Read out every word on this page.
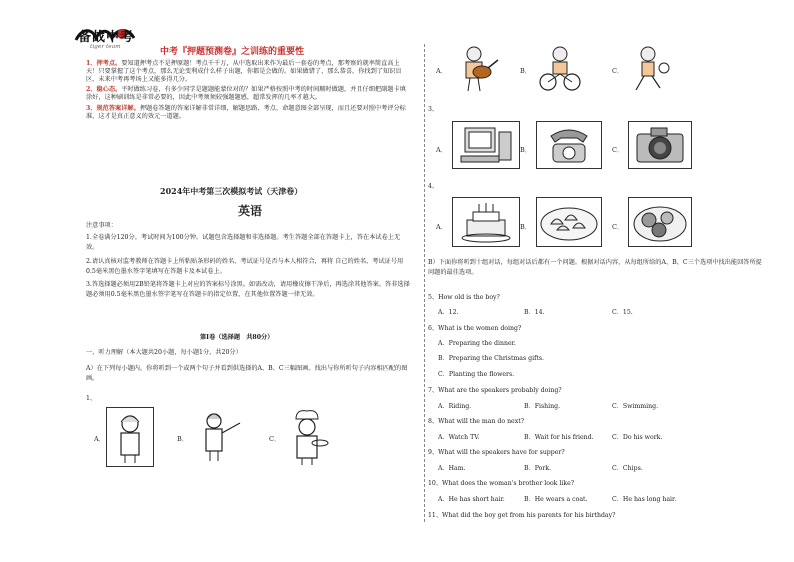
备战中考
tiger team	中考『押题预测卷』之训练的重要性

1、押考点。要知道押考点不是押原题！考点千千万，从中选取出来作为最后一套卷的考点，那考察的就率简直高上天！只要掌握了这个考点，那么无论变利成什么样子出题，你都是会做的。如果做错了，那么恭喜，你找到了知识盲区，未来中考再考场上又能多得几分。

2、稳心态。平时做练习卷，有多少同学是题题能蒙位对的？如果严格按照中考的时间顺时做题，并且仔细把副题卡填涂好，这种刷训练是非常必要的，因此中考须须较强题题感，超常发挥的几率才越大。

3、规范答案详解。押题卷答题的答案详解非常详细，解题思路、考点、命题意图全部呈现，而且还要对照中考评分标准，这才是真正意义的效元一道题。

2024年中考第三次模拟考试（天津卷）
英语
注意事项：

1.全卷满分120分。考试时间为100分钟。试题包含选择题和非选择题。考生答题全部在答题卡上，答在本试卷上无效。

2.请认真核对监考教师在答题卡上所粘贴条形码的姓名、考试证号是否与本人相符合，再将 自己的姓名、考试证号用0.5毫米黑色墨水签字笔填写在答题卡及本试卷上。

3.答选择题必须用2B铅笔将答题卡上对应的答案标号涂黑。如需改动，请用橡皮擦干净后，再选涂其他答案。答非选择题必须用0.5毫米黑色墨水签字笔写在答题卡的指定位置，在其他位置答题一律无效。

第I卷（选择题　共80分）
一、听力理解（本大题共20小题，每小题1分，共20分）
A）在下列每小题内，你将听到一个或两个句子并看到供选择的A、B、C三幅图画。找出与你所听句子内容相匹配的图画。
1、
A．	B．	C．
A．	B．	C．
3、
A．	B．	C．
4、
A．	B．	C．
B）下面你将听到十组对话，每组对话后都有一个问题。根据对话内容，从每组所给的A、B、C三个选项中找出能回答所提问题的最佳选项。
5、How old is the boy?
A．12.	B．14.	C．15.
6、What is the women doing?
A．Preparing the dinner.
B．Preparing the Christmas gifts.
C．Planting the flowers.
7、What are the speakers probably doing?
A．Riding.	B．Fishing.	C．Swimming.
8、What will the man do next?
A．Watch TV.	B．Wait for his friend.	C．Do his work.
9、What will the speakers have for supper?
A．Ham.	B．Pork.	C．Chips.
10、What does the woman's brother look like?
A．He has short hair.	B．He wears a coat.	C．He has long hair.
11、What did the boy get from his parents for his birthday?
